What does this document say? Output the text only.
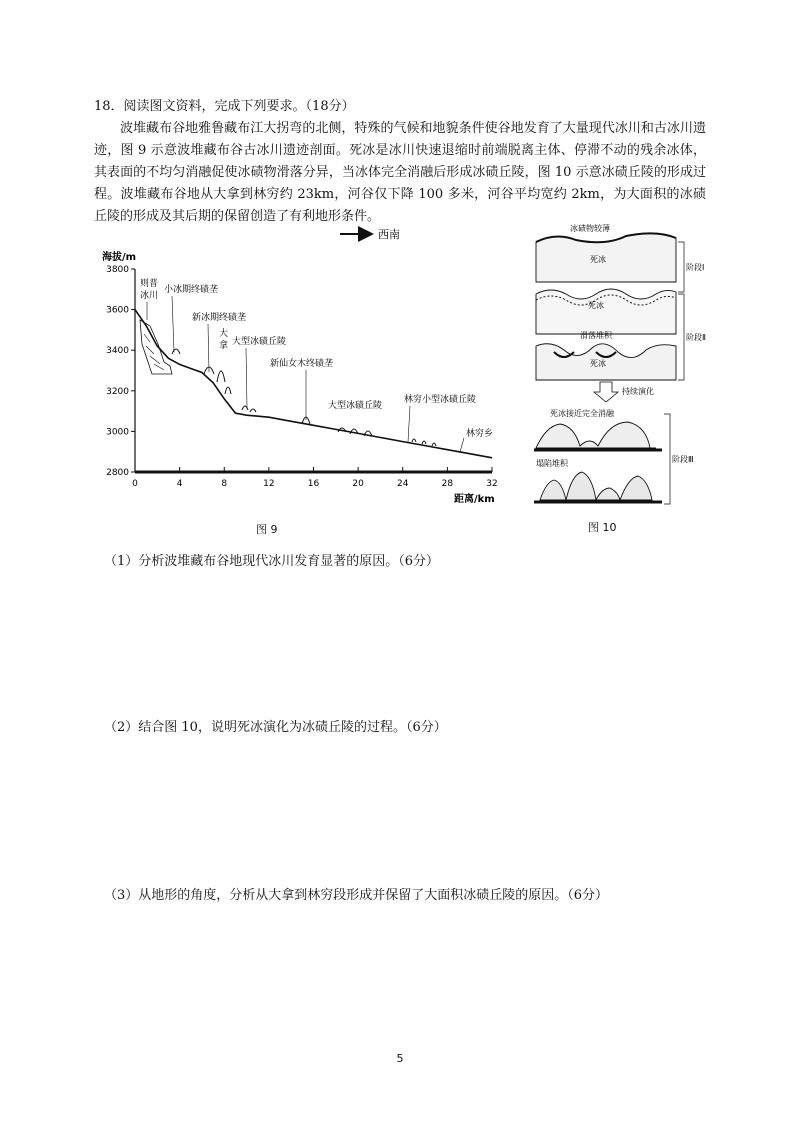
18．阅读图文资料，完成下列要求。（18分）
波堆藏布谷地雅鲁藏布江大拐弯的北侧，特殊的气候和地貌条件使谷地发育了大量现代冰川和古冰川遗迹，图 9 示意波堆藏布谷古冰川遗迹剖面。死冰是冰川快速退缩时前端脱离主体、停滞不动的残余冰体，其表面的不均匀消融促使冰碛物滑落分异，当冰体完全消融后形成冰碛丘陵，图 10 示意冰碛丘陵的形成过程。波堆藏布谷地从大拿到林穷约 23km，河谷仅下降 100 多米，河谷平均宽约 2km，为大面积的冰碛丘陵的形成及其后期的保留创造了有利地形条件。
西南
海拔/m
3800
3600
3400
3200
3000
2800
0	4	8	12	16	20	24	28	32
距离/km
则普冰川
小冰期终碛垄
新冰期终碛垄
大拿 大型冰碛丘陵
新仙女木终碛垄
大型冰碛丘陵
林穷小型冰碛丘陵
林穷乡
图 9
冰碛物较薄
死冰
死冰
滑落堆积
死冰
持续演化
死冰接近完全消融
塌陷堆积
阶段Ⅰ
阶段Ⅱ
阶段Ⅲ
图 10
（1）分析波堆藏布谷地现代冰川发育显著的原因。（6分）
（2）结合图 10，说明死冰演化为冰碛丘陵的过程。（6分）
（3）从地形的角度，分析从大拿到林穷段形成并保留了大面积冰碛丘陵的原因。（6分）
5
